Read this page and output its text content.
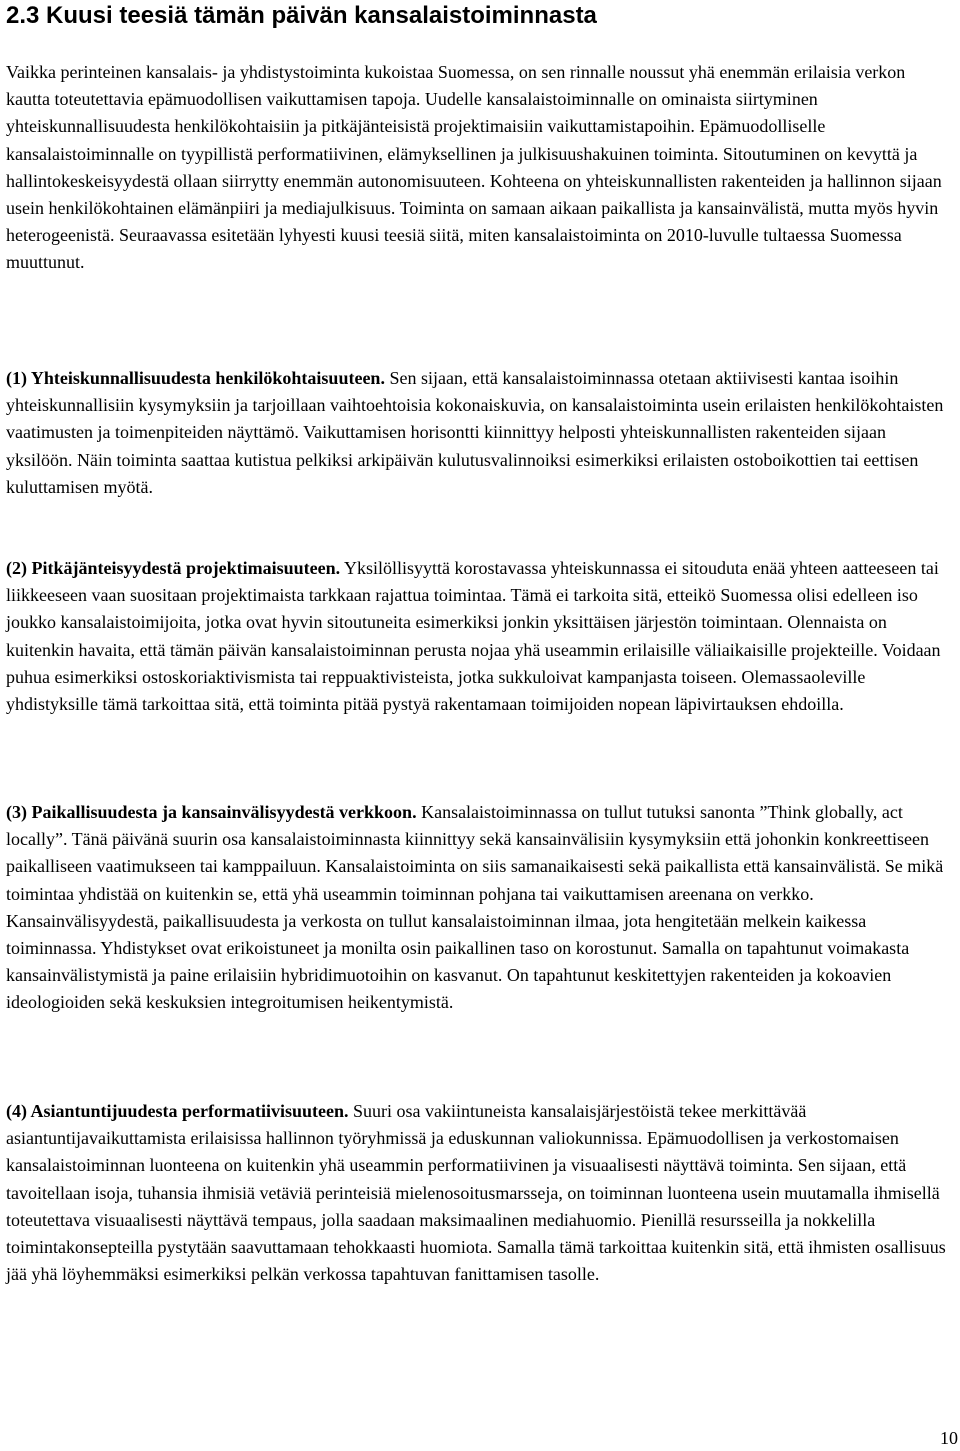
2.3 Kuusi teesiä tämän päivän kansalaistoiminnasta

Vaikka perinteinen kansalais- ja yhdistystoiminta kukoistaa Suomessa, on sen rinnalle noussut yhä enemmän erilaisia verkon kautta toteutettavia epämuodollisen vaikuttamisen tapoja. Uudelle kansalaistoiminnalle on ominaista siirtyminen yhteiskunnallisuudesta henkilökohtaisiin ja pitkäjänteisistä projektimaisiin vaikuttamistapoihin. Epämuodolliselle kansalaistoiminnalle on tyypillistä performatiivinen, elämyksellinen ja julkisuushakuinen toiminta. Sitoutuminen on kevyttä ja hallintokeskeisyydestä ollaan siirrytty enemmän autonomisuuteen. Kohteena on yhteiskunnallisten rakenteiden ja hallinnon sijaan usein henkilökohtainen elämänpiiri ja mediajulkisuus. Toiminta on samaan aikaan paikallista ja kansainvälistä, mutta myös hyvin heterogeenistä. Seuraavassa esitetään lyhyesti kuusi teesiä siitä, miten kansalaistoiminta on 2010-luvulle tultaessa Suomessa muuttunut.

(1) Yhteiskunnallisuudesta henkilökohtaisuuteen. Sen sijaan, että kansalaistoiminnassa otetaan aktiivisesti kantaa isoihin yhteiskunnallisiin kysymyksiin ja tarjoillaan vaihtoehtoisia kokonaiskuvia, on kansalaistoiminta usein erilaisten henkilökohtaisten vaatimusten ja toimenpiteiden näyttämö. Vaikuttamisen horisontti kiinnittyy helposti yhteiskunnallisten rakenteiden sijaan yksilöön. Näin toiminta saattaa kutistua pelkiksi arkipäivän kulutusvalinnoiksi esimerkiksi erilaisten ostoboikottien tai eettisen kuluttamisen myötä.

(2) Pitkäjänteisyydestä projektimaisuuteen. Yksilöllisyyttä korostavassa yhteiskunnassa ei sitouduta enää yhteen aatteeseen tai liikkeeseen vaan suositaan projektimaista tarkkaan rajattua toimintaa. Tämä ei tarkoita sitä, etteikö Suomessa olisi edelleen iso joukko kansalaistoimijoita, jotka ovat hyvin sitoutuneita esimerkiksi jonkin yksittäisen järjestön toimintaan. Olennaista on kuitenkin havaita, että tämän päivän kansalaistoiminnan perusta nojaa yhä useammin erilaisille väliaikaisille projekteille. Voidaan puhua esimerkiksi ostoskoriaktivismista tai reppuaktivisteista, jotka sukkuloivat kampanjasta toiseen. Olemassaoleville yhdistyksille tämä tarkoittaa sitä, että toiminta pitää pystyä rakentamaan toimijoiden nopean läpivirtauksen ehdoilla.

(3) Paikallisuudesta ja kansainvälisyydestä verkkoon. Kansalaistoiminnassa on tullut tutuksi sanonta ”Think globally, act locally”. Tänä päivänä suurin osa kansalaistoiminnasta kiinnittyy sekä kansainvälisiin kysymyksiin että johonkin konkreettiseen paikalliseen vaatimukseen tai kamppailuun. Kansalaistoiminta on siis samanaikaisesti sekä paikallista että kansainvälistä. Se mikä toimintaa yhdistää on kuitenkin se, että yhä useammin toiminnan pohjana tai vaikuttamisen areenana on verkko. Kansainvälisyydestä, paikallisuudesta ja verkosta on tullut kansalaistoiminnan ilmaa, jota hengitetään melkein kaikessa toiminnassa. Yhdistykset ovat erikoistuneet ja monilta osin paikallinen taso on korostunut. Samalla on tapahtunut voimakasta kansainvälistymistä ja paine erilaisiin hybridimuotoihin on kasvanut. On tapahtunut keskitettyjen rakenteiden ja kokoavien ideologioiden sekä keskuksien integroitumisen heikentymistä.

(4) Asiantuntijuudesta performatiivisuuteen. Suuri osa vakiintuneista kansalaisjärjestöistä tekee merkittävää asiantuntijavaikuttamista erilaisissa hallinnon työryhmissä ja eduskunnan valiokunnissa. Epämuodollisen ja verkostomaisen kansalaistoiminnan luonteena on kuitenkin yhä useammin performatiivinen ja visuaalisesti näyttävä toiminta. Sen sijaan, että tavoitellaan isoja, tuhansia ihmisiä vetäviä perinteisiä mielenosoitusmarsseja, on toiminnan luonteena usein muutamalla ihmisellä toteutettava visuaalisesti näyttävä tempaus, jolla saadaan maksimaalinen mediahuomio. Pienillä resursseilla ja nokkelilla toimintakonsepteilla pystytään saavuttamaan tehokkaasti huomiota. Samalla tämä tarkoittaa kuitenkin sitä, että ihmisten osallisuus jää yhä löyhemmäksi esimerkiksi pelkän verkossa tapahtuvan fanittamisen tasolle.

10
